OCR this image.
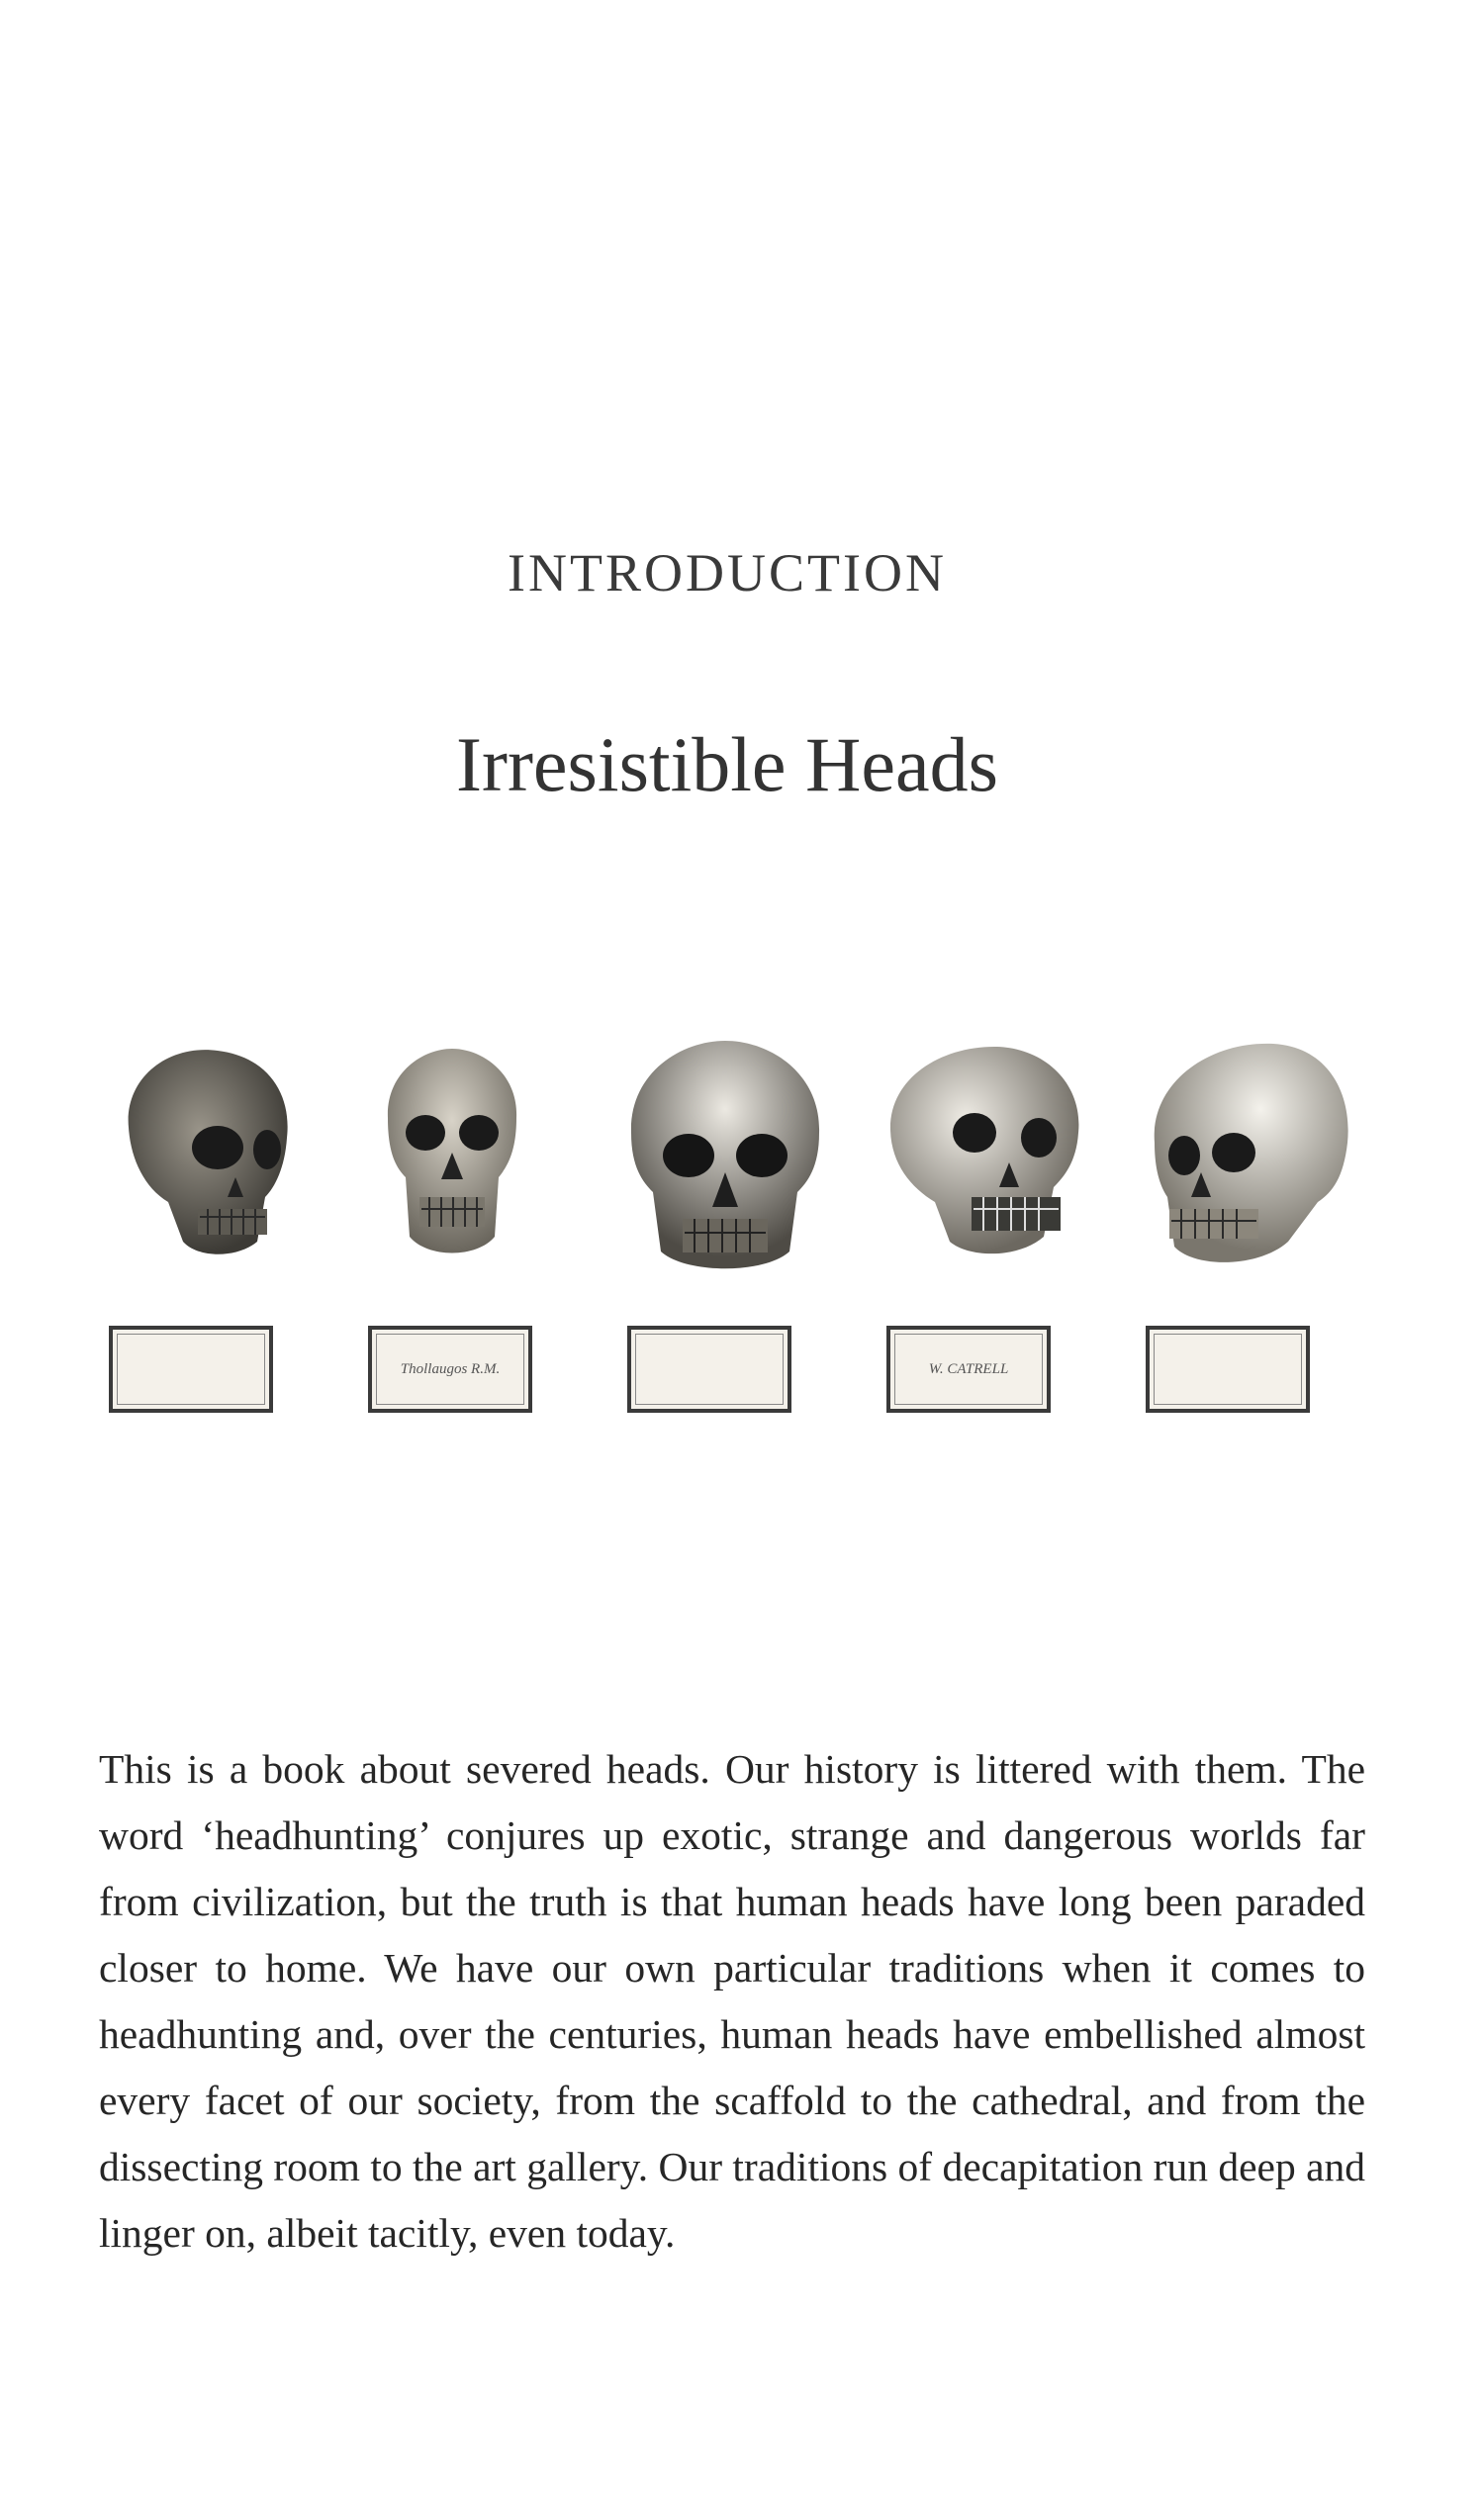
INTRODUCTION
Irresistible Heads
Thollaugos R.M.	W. CATRELL
This is a book about severed heads. Our history is littered with them. The word ‘headhunting’ conjures up exotic, strange and dangerous worlds far from civilization, but the truth is that human heads have long been paraded closer to home. We have our own particular traditions when it comes to headhunting and, over the centuries, human heads have embellished almost every facet of our society, from the scaffold to the cathedral, and from the dissecting room to the art gallery. Our traditions of decapitation run deep and linger on, albeit tacitly, even today.
